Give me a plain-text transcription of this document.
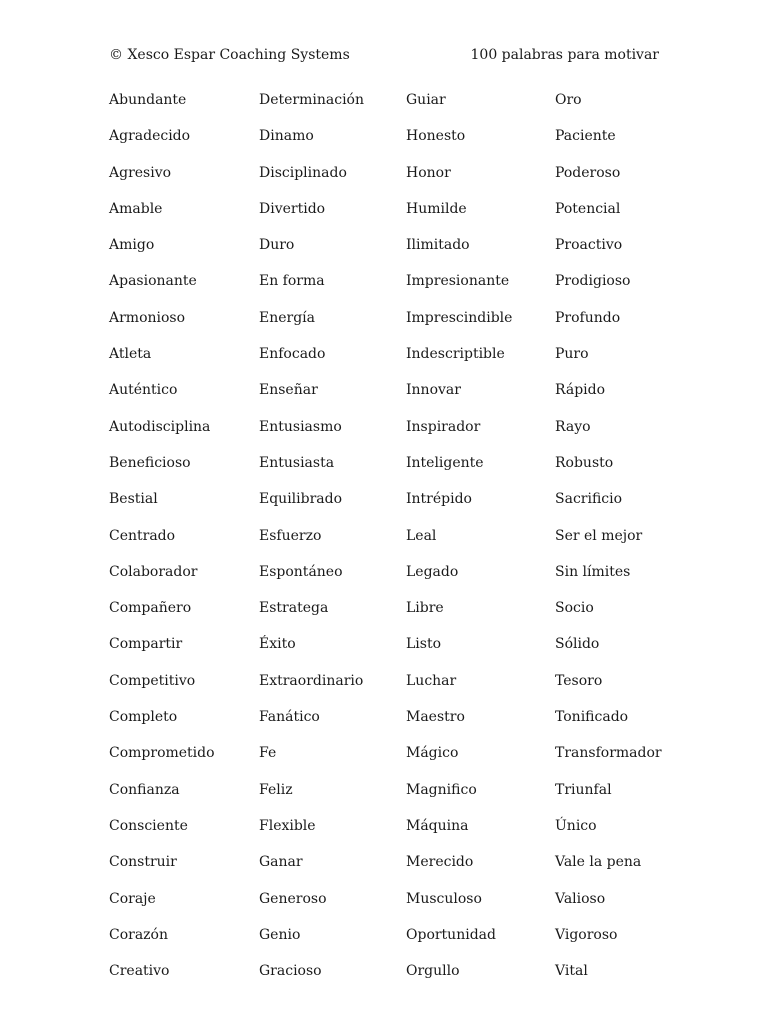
© Xesco Espar Coaching Systems	100 palabras para motivar
Abundante
Agradecido
Agresivo
Amable
Amigo
Apasionante
Armonioso
Atleta
Auténtico
Autodisciplina
Beneficioso
Bestial
Centrado
Colaborador
Compañero
Compartir
Competitivo
Completo
Comprometido
Confianza
Consciente
Construir
Coraje
Corazón
Creativo
Determinación
Dinamo
Disciplinado
Divertido
Duro
En forma
Energía
Enfocado
Enseñar
Entusiasmo
Entusiasta
Equilibrado
Esfuerzo
Espontáneo
Estratega
Éxito
Extraordinario
Fanático
Fe
Feliz
Flexible
Ganar
Generoso
Genio
Gracioso
Guiar
Honesto
Honor
Humilde
Ilimitado
Impresionante
Imprescindible
Indescriptible
Innovar
Inspirador
Inteligente
Intrépido
Leal
Legado
Libre
Listo
Luchar
Maestro
Mágico
Magnifico
Máquina
Merecido
Musculoso
Oportunidad
Orgullo
Oro
Paciente
Poderoso
Potencial
Proactivo
Prodigioso
Profundo
Puro
Rápido
Rayo
Robusto
Sacrificio
Ser el mejor
Sin límites
Socio
Sólido
Tesoro
Tonificado
Transformador
Triunfal
Único
Vale la pena
Valioso
Vigoroso
Vital
